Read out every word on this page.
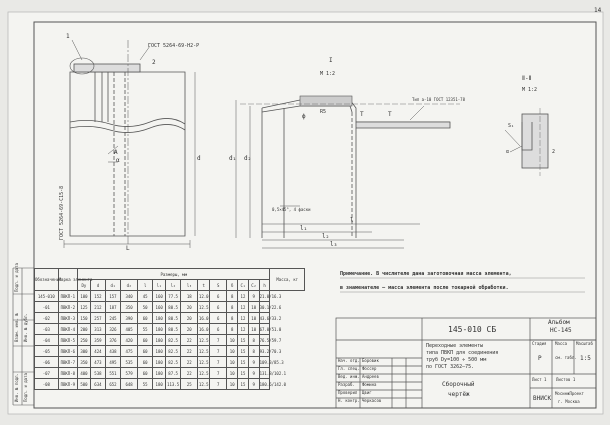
14
1
ГОСТ 5264-69-Н2-Р
2
ГОСТ 5264-69-С15-8
А
α	d
L
I
М 1:2
ϕ
d₁ d₂
R5	Т	Т
l₁
l₂
l₃
l
Тип а-10 ГОСТ 12351-78
0,5×45°, 4 фаски
Ⅱ-Ⅱ
М 1:2
S₁
2
α
Примечание. В числителе дана заготовочная масса элемента,
в знаменателе – масса элемента после токарной обработки.
Инв. № подл. Подп. и дата
Взам. инв. № Инв. № дубл.
Подп. и дата	Обозначение	Марка элемента	Размеры, мм														Масса, кг
		Dy	d	d₁	d₂	l	l₁	l₂	l₃	t	S	δ	C₁	C₂	h	
145-010	ПВКП-1	100	152	157	340	45	160	77.5	18	12.0	6	8	12	9	21.0/16.3	
-01	ПВКП-2	125	212	187	350	50	160	80.5	20	12.5	6	8	12	10	30.1/22.6	
-02	ПВКП-3	150	257	245	390	60	180	80.5	20	16.0	6	8	12	10	43.6/33.2	
-03	ПВКП-4	200	313	326	405	55	180	80.5	20	16.0	6	8	12	10	67.0/51.0	
-04	ПВКП-5	250	359	376	420	60	180	82.5	22	12.5	7	10	15	8	76.5/59.7	
-05	ПВКП-6	300	424	438	475	60	180	82.5	22	12.5	7	10	15	8	93.2/70.3	
-06	ПВКП-7	350	473	495	535	60	180	82.5	22	12.5	7	10	15	9	109.3/85.3	
-07	ПВКП-8	400	538	551	579	60	180	87.5	22	12.5	7	10	15	9	131.8/102.1	
-08	ПВКП-9	500	634	652	648	55	180	113.5	25	12.5	7	10	15	9	180.6/142.0	
145-010 СБ
Альбом
НС-145
Переходные элементы
типа ПВКП для соединения
труб Dy=100 ÷ 500 мм
по ГОСТ 3262–75.
Стадия Масса Масштаб
Р	см. табл. 1:5
Лист 1 Листов 1
Сборочный
чертёж
ВНИСК
МосинжПроект
г. Москва
Нач. отд. Боровик
Гл. спец. Фоссер
Вед. инж. Андреев
Разраб. Фомина
Проверил Цвиг
Н. контр. Черкасов
